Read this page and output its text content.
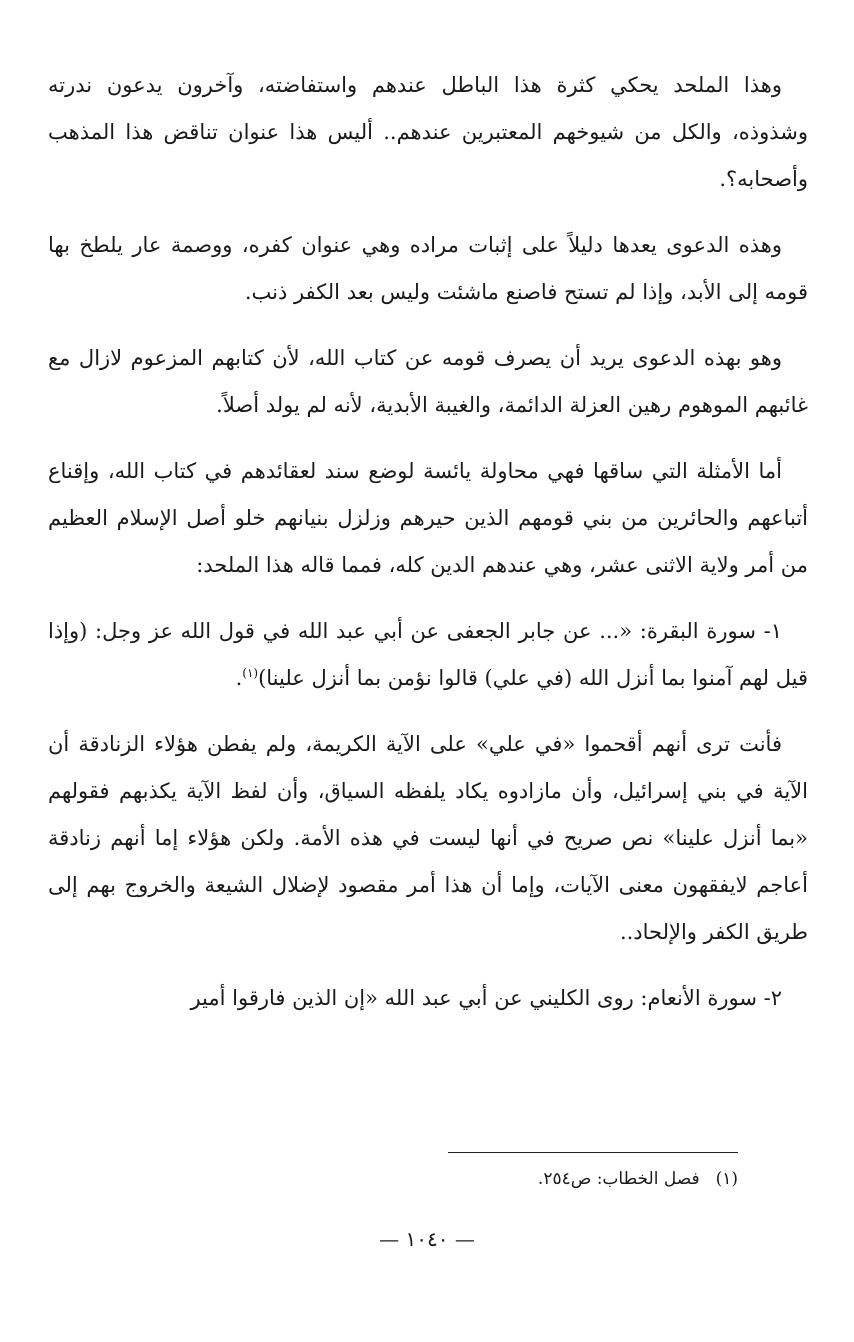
وهذا الملحد يحكي كثرة هذا الباطل عندهم واستفاضته، وآخرون يدعون ندرته وشذوذه، والكل من شيوخهم المعتبرين عندهم.. أليس هذا عنوان تناقض هذا المذهب وأصحابه؟.

وهذه الدعوى يعدها دليلاً على إثبات مراده وهي عنوان كفره، ووصمة عار يلطخ بها قومه إلى الأبد، وإذا لم تستح فاصنع ماشئت وليس بعد الكفر ذنب.

وهو بهذه الدعوى يريد أن يصرف قومه عن كتاب الله، لأن كتابهم المزعوم لازال مع غائبهم الموهوم رهين العزلة الدائمة، والغيبة الأبدية، لأنه لم يولد أصلاً.

أما الأمثلة التي ساقها فهي محاولة يائسة لوضع سند لعقائدهم في كتاب الله، وإقناع أتباعهم والحائرين من بني قومهم الذين حيرهم وزلزل بنيانهم خلو أصل الإسلام العظيم من أمر ولاية الاثنى عشر، وهي عندهم الدين كله، فمما قاله هذا الملحد:

١- سورة البقرة: «... عن جابر الجعفى عن أبي عبد الله في قول الله عز وجل: (وإذا قيل لهم آمنوا بما أنزل الله (في علي) قالوا نؤمن بما أنزل علينا)$^{(١)}$.

فأنت ترى أنهم أقحموا «في علي» على الآية الكريمة، ولم يفطن هؤلاء الزنادقة أن الآية في بني إسرائيل، وأن مازادوه يكاد يلفظه السياق، وأن لفظ الآية يكذبهم فقولهم «بما أنزل علينا» نص صريح في أنها ليست في هذه الأمة. ولكن هؤلاء إما أنهم زنادقة أعاجم لايفقهون معنى الآيات، وإما أن هذا أمر مقصود لإضلال الشيعة والخروج بهم إلى طريق الكفر والإلحاد..

٢- سورة الأنعام: روى الكليني عن أبي عبد الله «إن الذين فارقوا أمير

(١)فصل الخطاب: ص٢٥٤.
— ١٠٤٠ —
